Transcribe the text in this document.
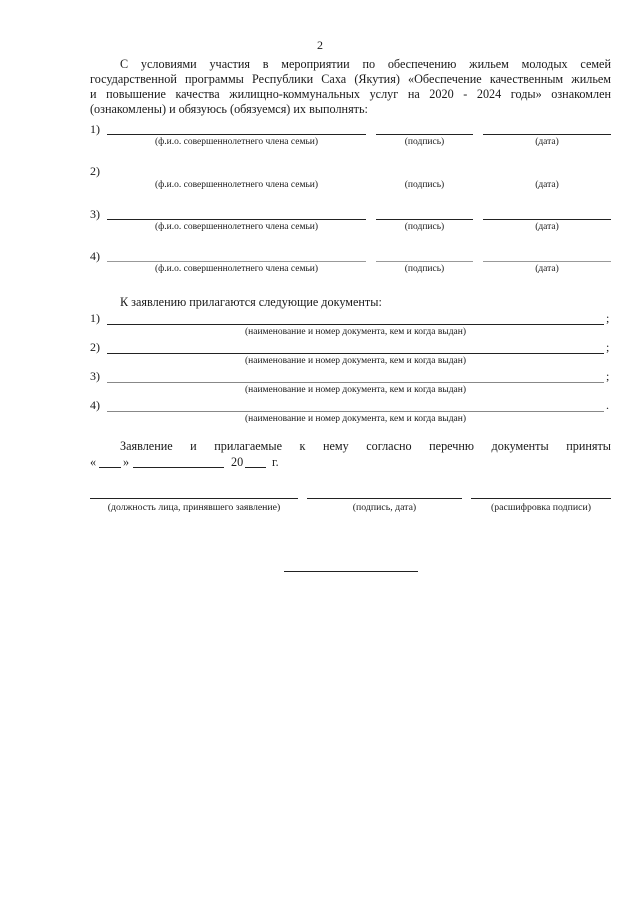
2
С условиями участия в мероприятии по обеспечению жильем молодых семей
государственной программы Республики Саха (Якутия) «Обеспечение качественным жильем
и повышение качества жилищно-коммунальных услуг на 2020 - 2024 годы» ознакомлен
(ознакомлены) и обязуюсь (обязуемся) их выполнять:
1)
(ф.и.о. совершеннолетнего члена семьи)	(подпись)	(дата)
2)
(ф.и.о. совершеннолетнего члена семьи)	(подпись)	(дата)
3)
(ф.и.о. совершеннолетнего члена семьи)	(подпись)	(дата)
4)
(ф.и.о. совершеннолетнего члена семьи)	(подпись)	(дата)
К заявлению прилагаются следующие документы:
1)	;
(наименование и номер документа, кем и когда выдан)
2)	;
(наименование и номер документа, кем и когда выдан)
3)	;
(наименование и номер документа, кем и когда выдан)
4)	.
(наименование и номер документа, кем и когда выдан)
Заявление и прилагаемые к нему согласно перечню документы приняты
« »	20 г.
(должность лица, принявшего заявление)	(подпись, дата)	(расшифровка подписи)
